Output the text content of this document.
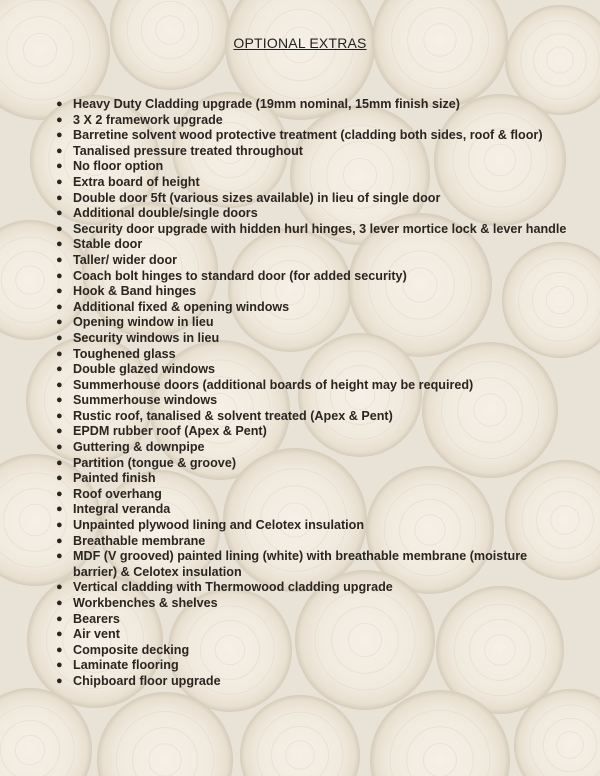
OPTIONAL EXTRAS
● Heavy Duty Cladding upgrade (19mm nominal, 15mm finish size)
● 3 X 2 framework upgrade
● Barretine solvent wood protective treatment (cladding both sides, roof & floor)
● Tanalised pressure treated throughout
● No floor option
● Extra board of height
● Double door 5ft (various sizes available) in lieu of single door
● Additional double/single doors
● Security door upgrade with hidden hurl hinges, 3 lever mortice lock & lever handle
● Stable door
● Taller/ wider door
● Coach bolt hinges to standard door (for added security)
● Hook & Band hinges
● Additional fixed & opening windows
● Opening window in lieu
● Security windows in lieu
● Toughened glass
● Double glazed windows
● Summerhouse doors (additional boards of height may be required)
● Summerhouse windows
● Rustic roof, tanalised & solvent treated (Apex & Pent)
● EPDM rubber roof (Apex & Pent)
● Guttering & downpipe
● Partition (tongue & groove)
● Painted finish
● Roof overhang
● Integral veranda
● Unpainted plywood lining and Celotex insulation
● Breathable membrane
● MDF (V grooved) painted lining (white) with breathable membrane (moisture barrier) & Celotex insulation
● Vertical cladding with Thermowood cladding upgrade
● Workbenches & shelves
● Bearers
● Air vent
● Composite decking
● Laminate flooring
● Chipboard floor upgrade
